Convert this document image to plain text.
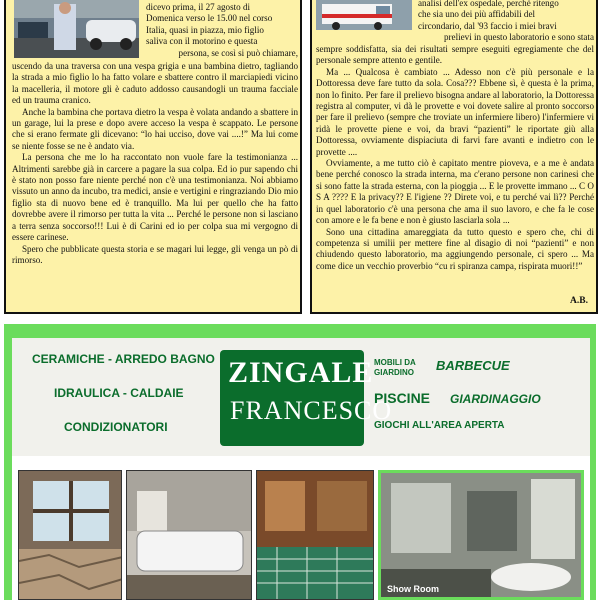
dicevo prima, il 27 agosto di

Domenica verso le 15.00 nel corso

Italia, quasi in piazza, mio figlio

saliva con il motorino e questa

persona, se così si può chiamare,

uscendo da una traversa con una vespa grigia e una bambina dietro, tagliando la strada a mio figlio lo ha fatto volare e sbattere contro il marciapiedi vicino la macelleria, il motore gli è caduto addosso causandogli un trauma facciale ed un trauma cranico.

Anche la bambina che portava dietro la vespa è volata andando a sbattere in un garage, lui la prese e dopo avere acceso la vespa è scappato. Le persone che si erano fermate gli dicevano: “lo hai ucciso, dove vai ....!” Ma lui come se niente fosse se ne è andato via.

La persona che me lo ha raccontato non vuole fare la testimonianza ... Altrimenti sarebbe già in carcere a pagare la sua colpa. Ed io pur sapendo chi è stato non posso fare niente perché non c'è una testimonianza. Noi abbiamo vissuto un anno da incubo, tra medici, ansie e vertigini e ringraziando Dio mio figlio sta di nuovo bene ed è tranquillo. Ma lui per quello che ha fatto dovrebbe avere il rimorso per tutta la vita ... Perché le persone non si lasciano a terra senza soccorso!!! Lui è di Carini ed io per colpa sua mi vergogno di essere carinese.

Spero che pubblicate questa storia e se magari lui legge, gli venga un pò di rimorso.

analisi dell'ex ospedale, perché ritengo

che sia uno dei più affidabili del

circondario, dal '93 faccio i miei bravi

prelievi in questo laboratorio e sono stata

sempre soddisfatta, sia dei risultati sempre eseguiti egregiamente che del personale sempre attento e gentile.

Ma ... Qualcosa è cambiato ... Adesso non c'è più personale e la Dottoressa deve fare tutto da sola. Cosa??? Ebbene sì, è questa è la prima, non lo finito. Per fare il prelievo bisogna andare al laboratorio, la Dottoressa registra al computer, vi dà le provette e voi dovete salire al pronto soccorso per fare il prelievo (sempre che troviate un infermiere libero) l'infermiere vi ridà le provette piene e voi, da bravi “pazienti” le riportate giù alla Dottoressa, ovviamente dispiaciuta di farvi fare avanti e indietro con le provette ....

Ovviamente, a me tutto ciò è capitato mentre pioveva, e a me è andata bene perché conosco la strada interna, ma c'erano persone non carinesi che si sono fatte la strada esterna, con la pioggia ... E le provette immano ... C O S A ???? E la privacy?? E l'igiene ?? Direte voi, e tu perché vai lì?? Perché in quel laboratorio c'è una persona che ama il suo lavoro, e che fa le cose con amore e le fa bene e non è giusto lasciarla sola ...

Sono una cittadina amareggiata da tutto questo e spero che, chi di competenza si umilii per mettere fine al disagio di noi “pazienti” e non chiudendo questo laboratorio, ma aggiungendo personale, ci spero ... Ma come dice un vecchio proverbio “cu ri spiranza campa, rispirata muori!!”

A.B.
CERAMICHE - ARREDO BAGNO
IDRAULICA - CALDAIE
CONDIZIONATORI
ZINGALE
FRANCESCO
MOBILI DA
GIARDINO BARBECUE
PISCINE GIARDINAGGIO
GIOCHI ALL'AREA APERTA
Show Room
